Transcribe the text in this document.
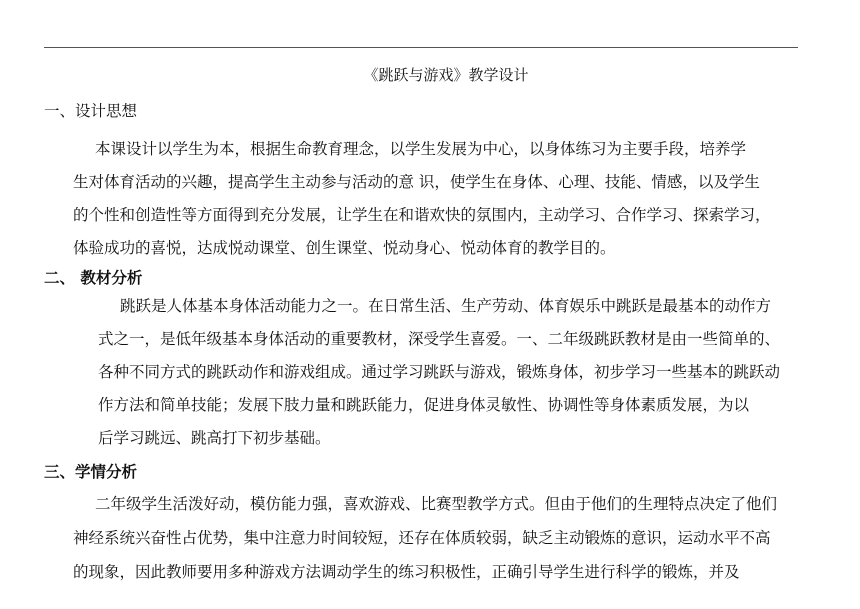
《跳跃与游戏》教学设计
一、设计思想
本课设计以学生为本，根据生命教育理念，以学生发展为中心，以身体练习为主要手段，培养学
生对体育活动的兴趣，提高学生主动参与活动的意 识，使学生在身体、心理、技能、情感，以及学生
的个性和创造性等方面得到充分发展，让学生在和谐欢快的氛围内，主动学习、合作学习、探索学习，
体验成功的喜悦，达成悦动课堂、创生课堂、悦动身心、悦动体育的教学目的。
二、 教材分析
跳跃是人体基本身体活动能力之一。在日常生活、生产劳动、体育娱乐中跳跃是最基本的动作方
式之一，是低年级基本身体活动的重要教材，深受学生喜爱。一、二年级跳跃教材是由一些简单的、
各种不同方式的跳跃动作和游戏组成。通过学习跳跃与游戏，锻炼身体，初步学习一些基本的跳跃动
作方法和简单技能；发展下肢力量和跳跃能力，促进身体灵敏性、协调性等身体素质发展，为以
后学习跳远、跳高打下初步基础。
三、学情分析
二年级学生活泼好动，模仿能力强，喜欢游戏、比赛型教学方式。但由于他们的生理特点决定了他们
神经系统兴奋性占优势，集中注意力时间较短，还存在体质较弱，缺乏主动锻炼的意识，运动水平不高
的现象，因此教师要用多种游戏方法调动学生的练习积极性，正确引导学生进行科学的锻炼，并及
